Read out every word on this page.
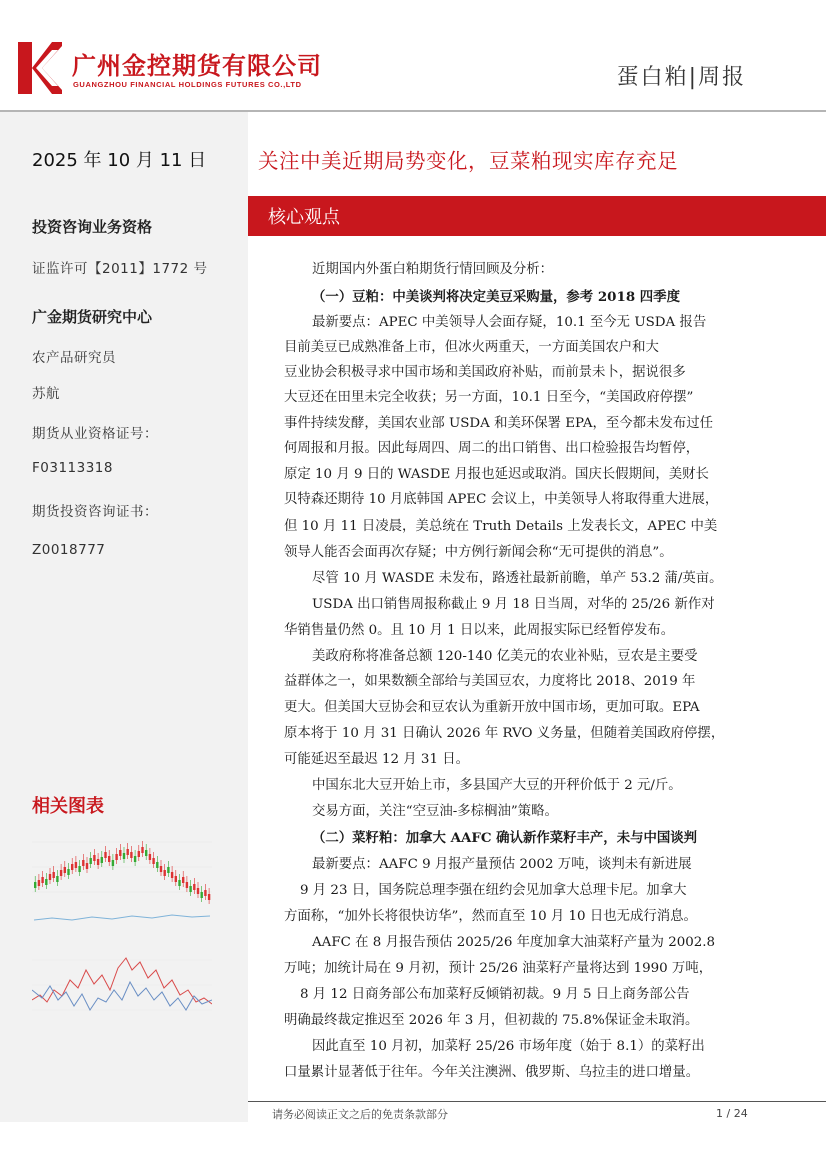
广州金控期货有限公司
GUANGZHOU FINANCIAL HOLDINGS FUTURES CO.,LTD	蛋白粕|周报
2025 年 10 月 11 日
投资咨询业务资格
证监许可【2011】1772 号
广金期货研究中心
农产品研究员
苏航
期货从业资格证号：
F03113318
期货投资咨询证书：
Z0018777
相关图表
关注中美近期局势变化，豆菜粕现实库存充足
核心观点
近期国内外蛋白粕期货行情回顾及分析：
（一）豆粕：中美谈判将决定美豆采购量，参考 2018 四季度
最新要点：APEC 中美领导人会面存疑，10.1 至今无 USDA 报告
目前美豆已成熟准备上市，但冰火两重天，一方面美国农户和大
豆业协会积极寻求中国市场和美国政府补贴，而前景未卜，据说很多
大豆还在田里未完全收获；另一方面，10.1 日至今，“美国政府停摆”
事件持续发酵，美国农业部 USDA 和美环保署 EPA，至今都未发布过任
何周报和月报。因此每周四、周二的出口销售、出口检验报告均暂停，
原定 10 月 9 日的 WASDE 月报也延迟或取消。国庆长假期间，美财长
贝特森还期待 10 月底韩国 APEC 会议上，中美领导人将取得重大进展，
但 10 月 11 日凌晨，美总统在 Truth Details 上发表长文，APEC 中美
领导人能否会面再次存疑；中方例行新闻会称“无可提供的消息”。
尽管 10 月 WASDE 未发布，路透社最新前瞻，单产 53.2 蒲/英亩。
USDA 出口销售周报称截止 9 月 18 日当周，对华的 25/26 新作对
华销售量仍然 0。且 10 月 1 日以来，此周报实际已经暂停发布。
美政府称将准备总额 120-140 亿美元的农业补贴，豆农是主要受
益群体之一，如果数额全部给与美国豆农，力度将比 2018、2019 年
更大。但美国大豆协会和豆农认为重新开放中国市场，更加可取。EPA
原本将于 10 月 31 日确认 2026 年 RVO 义务量，但随着美国政府停摆，
可能延迟至最迟 12 月 31 日。
中国东北大豆开始上市，多县国产大豆的开秤价低于 2 元/斤。
交易方面，关注“空豆油-多棕榈油”策略。
（二）菜籽粕：加拿大 AAFC 确认新作菜籽丰产，未与中国谈判
最新要点：AAFC 9 月报产量预估 2002 万吨，谈判未有新进展
9 月 23 日，国务院总理李强在纽约会见加拿大总理卡尼。加拿大
方面称，“加外长将很快访华”，然而直至 10 月 10 日也无成行消息。
AAFC 在 8 月报告预估 2025/26 年度加拿大油菜籽产量为 2002.8
万吨；加统计局在 9 月初，预计 25/26 油菜籽产量将达到 1990 万吨，
8 月 12 日商务部公布加菜籽反倾销初裁。9 月 5 日上商务部公告
明确最终裁定推迟至 2026 年 3 月，但初裁的 75.8%保证金未取消。
因此直至 10 月初，加菜籽 25/26 市场年度（始于 8.1）的菜籽出
口量累计显著低于往年。今年关注澳洲、俄罗斯、乌拉圭的进口增量。
请务必阅读正文之后的免责条款部分	1 / 24
